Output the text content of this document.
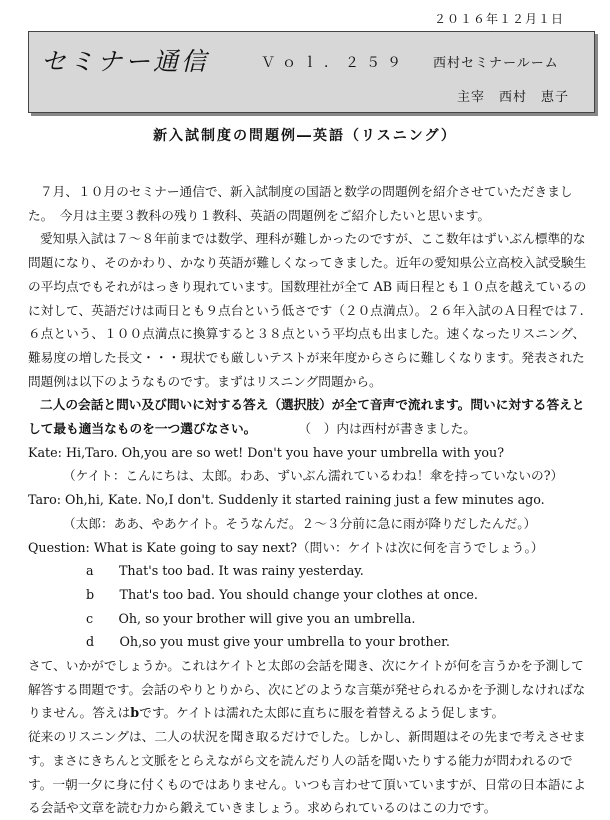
２０１６年１２月１日
セミナー通信	Ｖｏｌ．２５９ 西村セミナールーム
主宰　西村　恵子
新入試制度の問題例―英語（リスニング）

７月、１０月のセミナー通信で、新入試制度の国語と数学の問題例を紹介させていただきました。　今月は主要３教科の残り１教科、英語の問題例をご紹介したいと思います。

愛知県入試は７～８年前までは数学、理科が難しかったのですが、ここ数年はずいぶん標準的な問題になり、そのかわり、かなり英語が難しくなってきました。近年の愛知県公立高校入試受験生の平均点でもそれがはっきり現れています。国数理社が全て AB 両日程とも１０点を越えているのに対して、英語だけは両日とも９点台という低さです（２０点満点）。２６年入試のＡ日程では７.６点という、１００点満点に換算すると３８点という平均点も出ました。速くなったリスニング、難易度の増した長文・・・現状でも厳しいテストが来年度からさらに難しくなります。発表された問題例は以下のようなものです。まずはリスニング問題から。

二人の会話と問い及び問いに対する答え（選択肢）が全て音声で流れます。問いに対する答えとして最も適当なものを一つ選びなさい。	（　）内は西村が書きました。

Kate: Hi,Taro. Oh,you are so wet! Don't you have your umbrella with you?

（ケイト：こんにちは、太郎。わあ、ずいぶん濡れているわね！傘を持っていないの?）

Taro: Oh,hi, Kate. No,I don't. Suddenly it started raining just a few minutes ago.

（太郎：ああ、やあケイト。そうなんだ。２～３分前に急に雨が降りだしたんだ。）

Question: What is Kate going to say next?（問い：ケイトは次に何を言うでしょう。）

a　　That's too bad. It was rainy yesterday.

b　　That's too bad. You should change your clothes at once.

c　　Oh, so your brother will give you an umbrella.

d　　Oh,so you must give your umbrella to your brother.

さて、いかがでしょうか。これはケイトと太郎の会話を聞き、次にケイトが何を言うかを予測して解答する問題です。会話のやりとりから、次にどのような言葉が発せられるかを予測しなければなりません。答えはbです。ケイトは濡れた太郎に直ちに服を着替えるよう促します。

従来のリスニングは、二人の状況を聞き取るだけでした。しかし、新問題はその先まで考えさせます。まさにきちんと文脈をとらえながら文を読んだり人の話を聞いたりする能力が問われるのです。一朝一夕に身に付くものではありません。いつも言わせて頂いていますが、日常の日本語による会話や文章を読む力から鍛えていきましょう。求められているのはこの力です。
